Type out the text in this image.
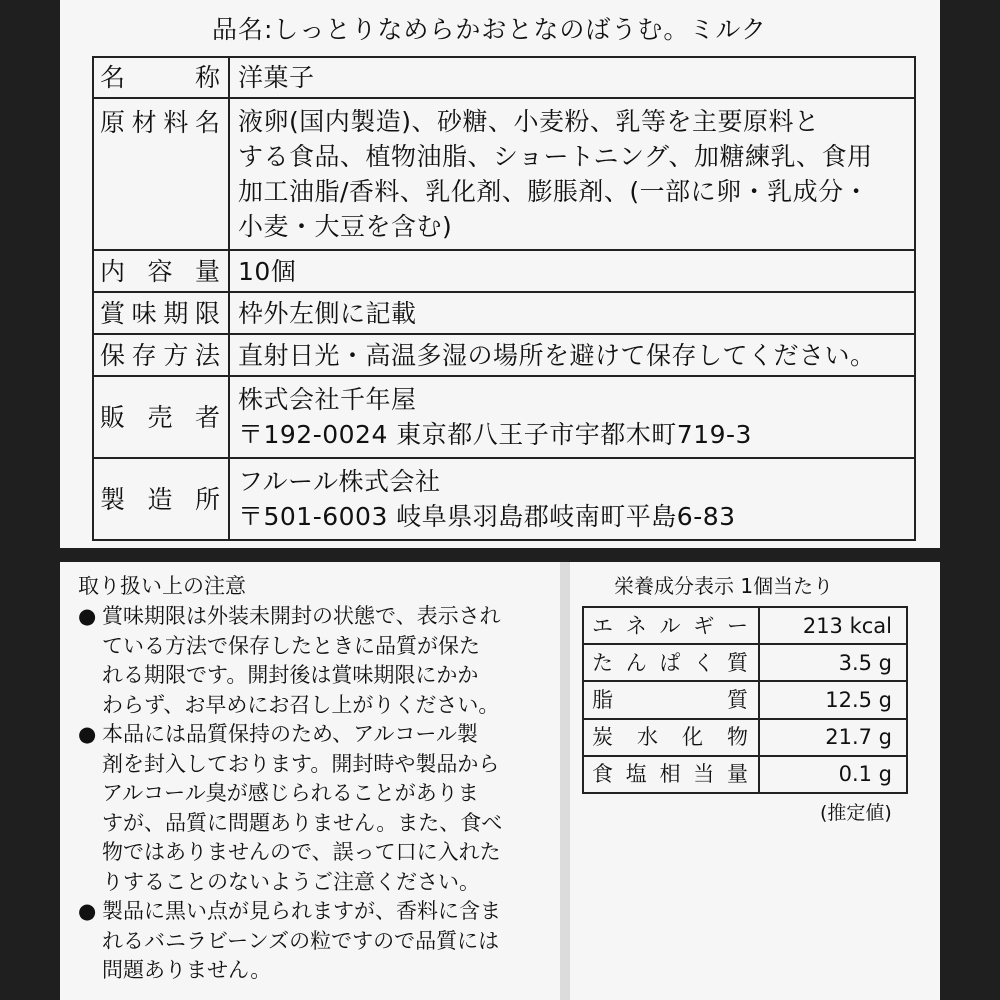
品名:しっとりなめらかおとなのばうむ。ミルク
名称	洋菓子

原材料名	液卵(国内製造)、砂糖、小麦粉、乳等を主要原料と
する食品、植物油脂、ショートニング、加糖練乳、食用
加工油脂/香料、乳化剤、膨脹剤、(一部に卵・乳成分・
小麦・大豆を含む)

内容量	10個

賞味期限	枠外左側に記載

保存方法	直射日光・高温多湿の場所を避けて保存してください。

販売者	株式会社千年屋
〒192-0024 東京都八王子市宇都木町719-3

製造所	フルール株式会社
〒501-6003 岐阜県羽島郡岐南町平島6-83
取り扱い上の注意

● 賞味期限は外装未開封の状態で、表示され
ている方法で保存したときに品質が保た
れる期限です。開封後は賞味期限にかか
わらず、お早めにお召し上がりください。

● 本品には品質保持のため、アルコール製
剤を封入しております。開封時や製品から
アルコール臭が感じられることがありま
すが、品質に問題ありません。また、食べ
物ではありませんので、誤って口に入れた
りすることのないようご注意ください。

● 製品に黒い点が見られますが、香料に含ま
れるバニラビーンズの粒ですので品質には
問題ありません。

栄養成分表示 1個当たり
エネルギー	213 kcal
たんぱく質	3.5 g
脂質	12.5 g
炭水化物	21.7 g
食塩相当量	0.1 g
(推定値)
